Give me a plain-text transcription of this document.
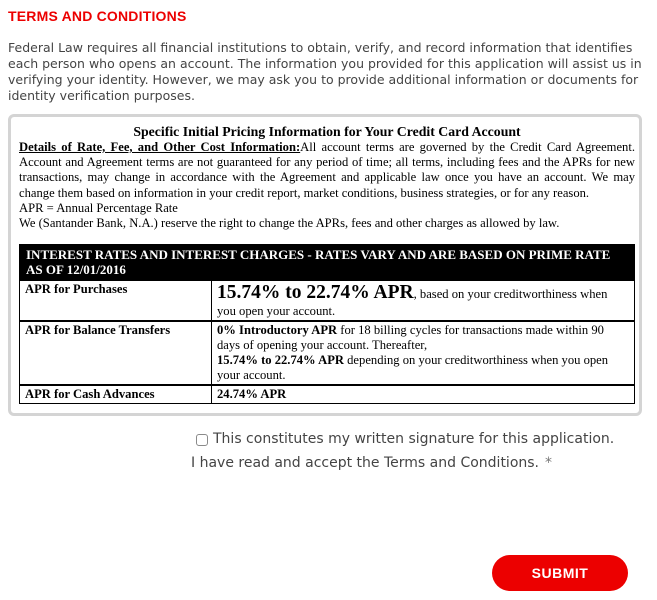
TERMS AND CONDITIONS
Federal Law requires all financial institutions to obtain, verify, and record information that identifies each person who opens an account. The information you provided for this application will assist us in verifying your identity. However, we may ask you to provide additional information or documents for identity verification purposes.
Specific Initial Pricing Information for Your Credit Card Account
Details of Rate, Fee, and Other Cost Information:All account terms are governed by the Credit Card Agreement. Account and Agreement terms are not guaranteed for any period of time; all terms, including fees and the APRs for new transactions, may change in accordance with the Agreement and applicable law once you have an account. We may change them based on information in your credit report, market conditions, business strategies, or for any reason.
APR = Annual Percentage Rate
We (Santander Bank, N.A.) reserve the right to change the APRs, fees and other charges as allowed by law.
INTEREST RATES AND INTEREST CHARGES - RATES VARY AND ARE BASED ON PRIME RATE AS OF 12/01/2016	
APR for Purchases	15.74% to 22.74% APR, based on your creditworthiness when you open your account.
APR for Balance Transfers	0% Introductory APR for 18 billing cycles for transactions made within 90 days of opening your account. Thereafter,
15.74% to 22.74% APR depending on your creditworthiness when you open your account.
APR for Cash Advances	24.74% APR
This constitutes my written signature for this application.
I have read and accept the Terms and Conditions. *
SUBMIT
